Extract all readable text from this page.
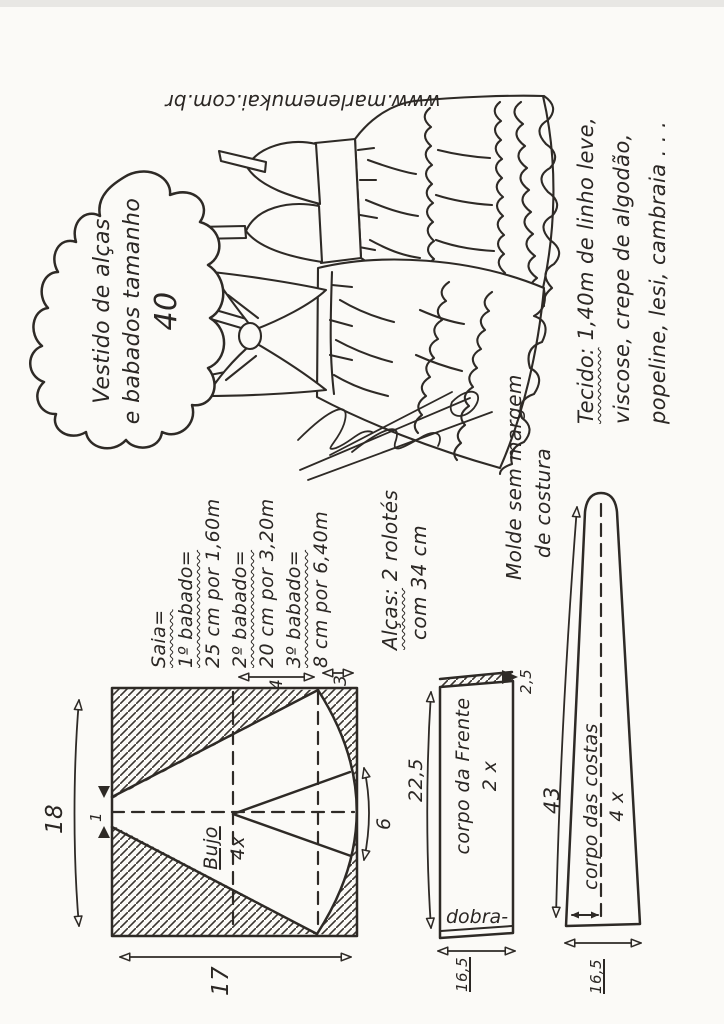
Vestido de alças e babados tamanho 40
www.marlenemukai.com.br
Tecido: 1,40m de linho leve, viscose, crepe de algodão, popeline, lesi, cambraia . . .
Saia= 1º babado= 25 cm por 1,60m 2º babado= 20 cm por 3,20m 3º babado= 8 cm por 6,40m Alças: 2 rolotés com 34 cm
Molde sem margem de costura
Bujo 4x	corpo da Frente 2 x	corpo das costas 4 x
18
17
4	3
6
1
22,5
2,5
16,5
dobra-
43
16,5
